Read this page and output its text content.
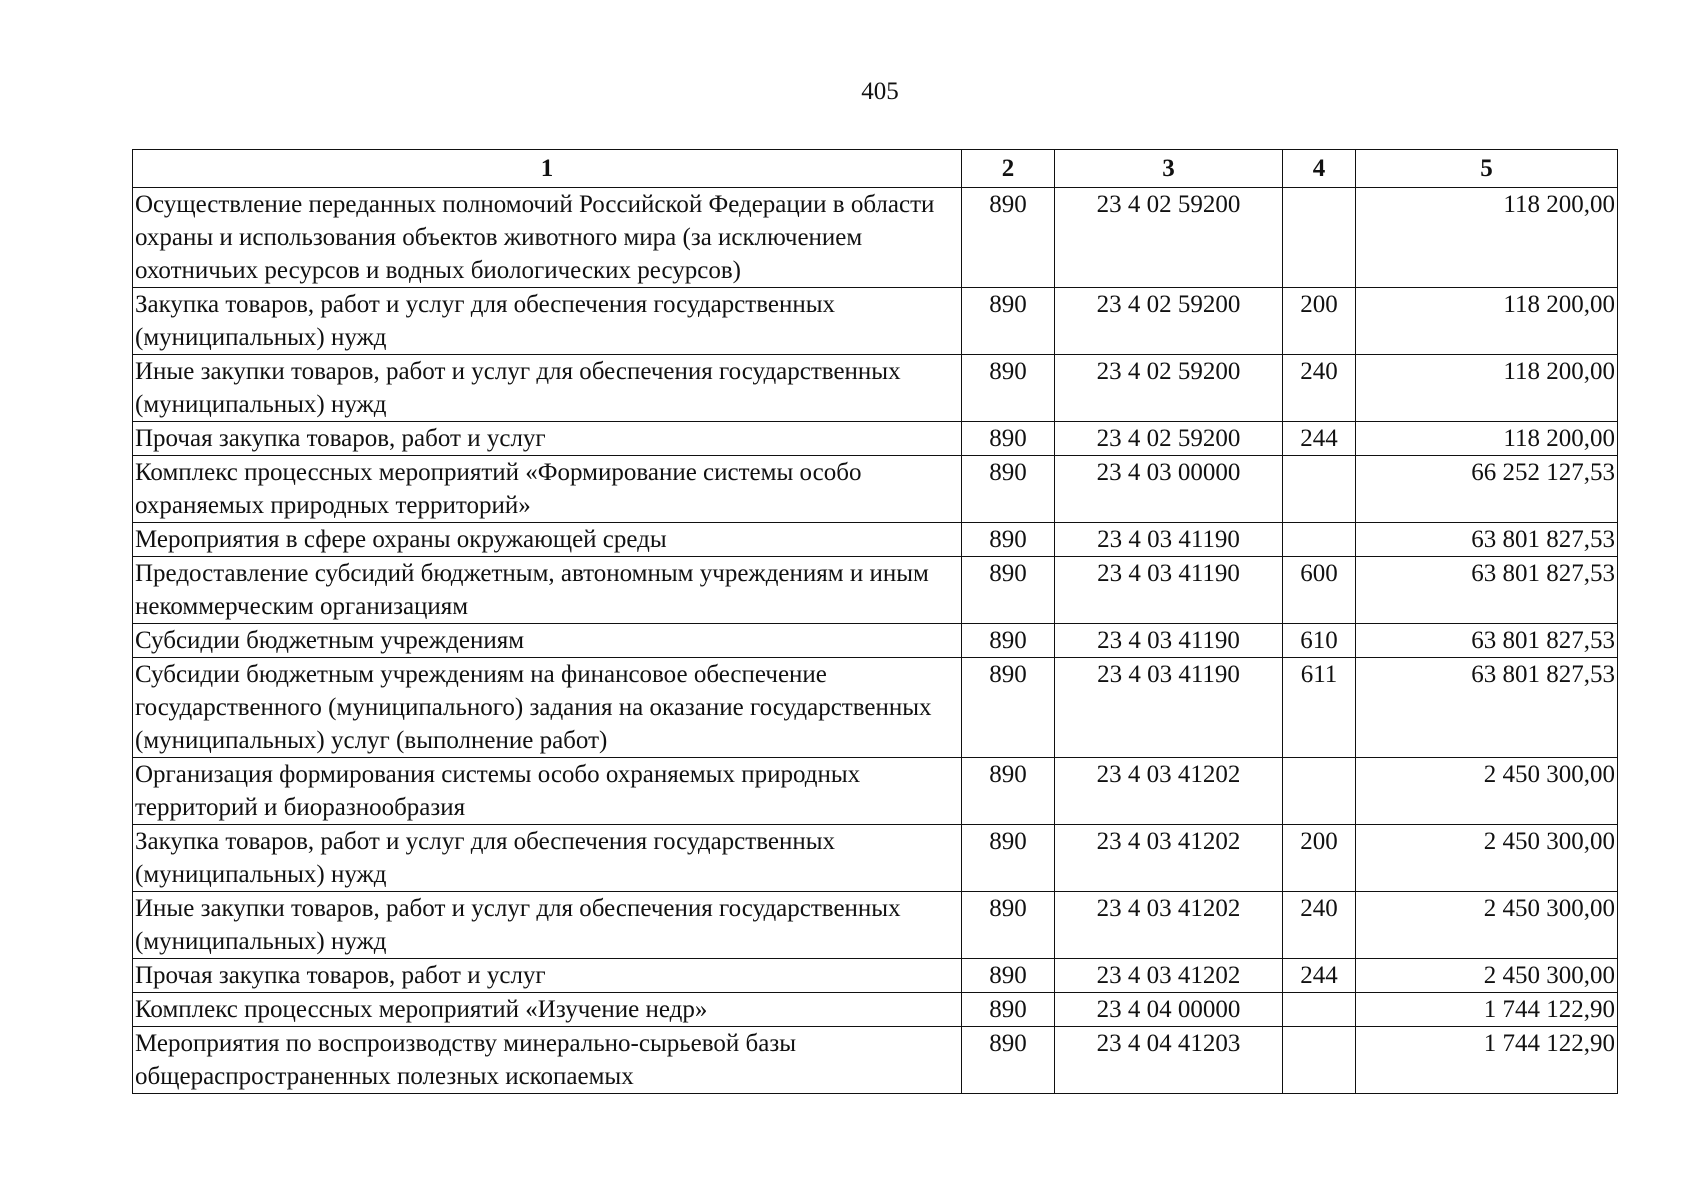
405
1	2	3	4	5
Осуществление переданных полномочий Российской Федерации в области охраны и использования объектов животного мира (за исключением охотничьих ресурсов и водных биологических ресурсов)	890	23 4 02 59200		118 200,00
Закупка товаров, работ и услуг для обеспечения государственных (муниципальных) нужд	890	23 4 02 59200	200	118 200,00
Иные закупки товаров, работ и услуг для обеспечения государственных (муниципальных) нужд	890	23 4 02 59200	240	118 200,00
Прочая закупка товаров, работ и услуг	890	23 4 02 59200	244	118 200,00
Комплекс процессных мероприятий «Формирование системы особо охраняемых природных территорий»	890	23 4 03 00000		66 252 127,53
Мероприятия в сфере охраны окружающей среды	890	23 4 03 41190		63 801 827,53
Предоставление субсидий бюджетным, автономным учреждениям и иным некоммерческим организациям	890	23 4 03 41190	600	63 801 827,53
Субсидии бюджетным учреждениям	890	23 4 03 41190	610	63 801 827,53
Субсидии бюджетным учреждениям на финансовое обеспечение государственного (муниципального) задания на оказание государственных (муниципальных) услуг (выполнение работ)	890	23 4 03 41190	611	63 801 827,53
Организация формирования системы особо охраняемых природных территорий и биоразнообразия	890	23 4 03 41202		2 450 300,00
Закупка товаров, работ и услуг для обеспечения государственных (муниципальных) нужд	890	23 4 03 41202	200	2 450 300,00
Иные закупки товаров, работ и услуг для обеспечения государственных (муниципальных) нужд	890	23 4 03 41202	240	2 450 300,00
Прочая закупка товаров, работ и услуг	890	23 4 03 41202	244	2 450 300,00
Комплекс процессных мероприятий «Изучение недр»	890	23 4 04 00000		1 744 122,90
Мероприятия по воспроизводству минерально-сырьевой базы общераспространенных полезных ископаемых	890	23 4 04 41203		1 744 122,90
